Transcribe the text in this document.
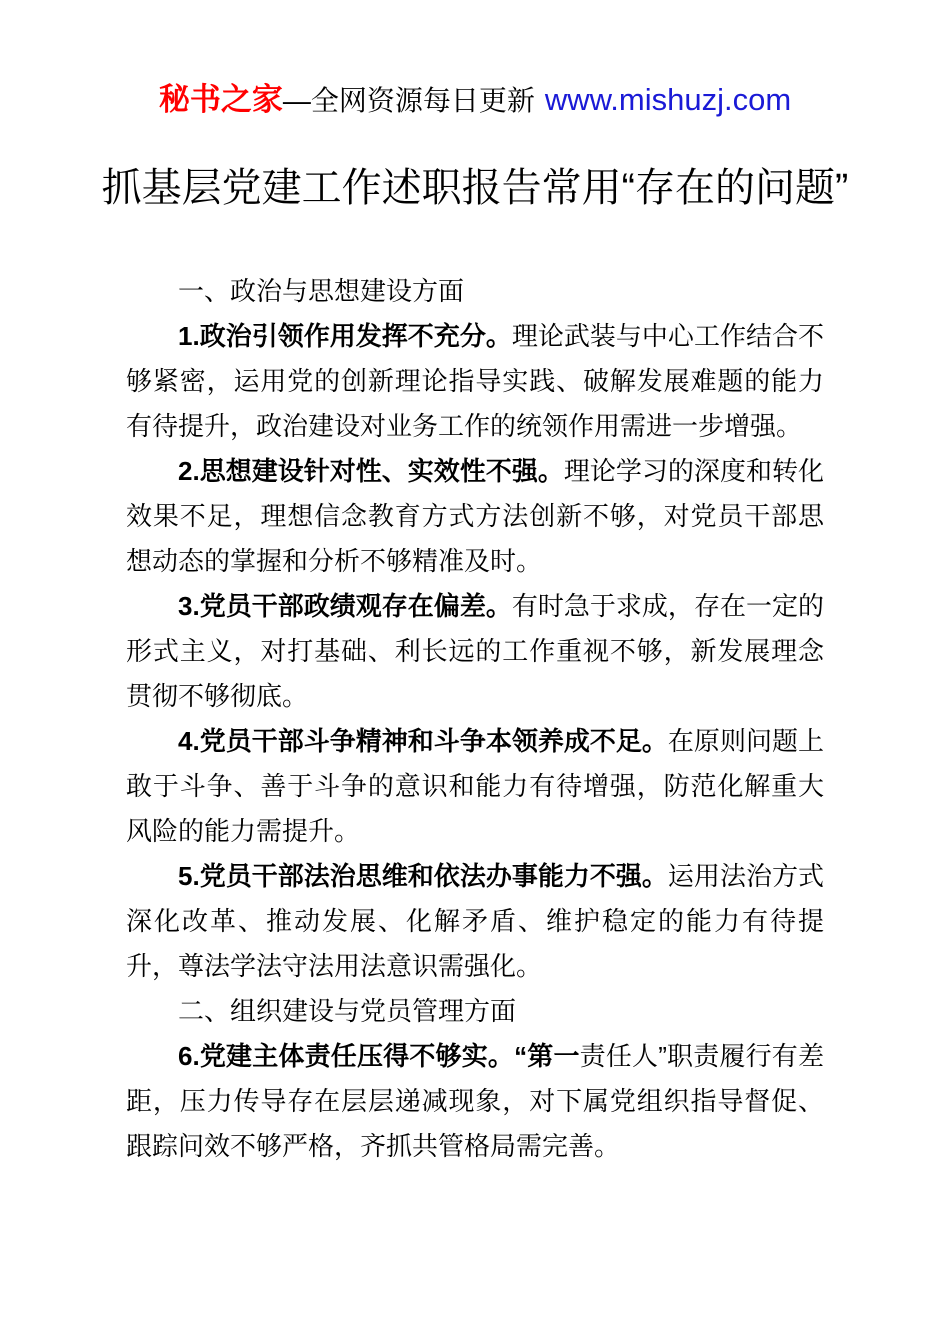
秘书之家—全网资源每日更新 www.mishuzj.com
抓基层党建工作述职报告常用“存在的问题”

一、政治与思想建设方面

1.政治引领作用发挥不充分。理论武装与中心工作结合不够紧密，运用党的创新理论指导实践、破解发展难题的能力有待提升，政治建设对业务工作的统领作用需进一步增强。

2.思想建设针对性、实效性不强。理论学习的深度和转化效果不足，理想信念教育方式方法创新不够，对党员干部思想动态的掌握和分析不够精准及时。

3.党员干部政绩观存在偏差。有时急于求成，存在一定的形式主义，对打基础、利长远的工作重视不够，新发展理念贯彻不够彻底。

4.党员干部斗争精神和斗争本领养成不足。在原则问题上敢于斗争、善于斗争的意识和能力有待增强，防范化解重大风险的能力需提升。

5.党员干部法治思维和依法办事能力不强。运用法治方式深化改革、推动发展、化解矛盾、维护稳定的能力有待提升，尊法学法守法用法意识需强化。

二、组织建设与党员管理方面

6.党建主体责任压得不够实。“第一责任人”职责履行有差距，压力传导存在层层递减现象，对下属党组织指导督促、跟踪问效不够严格，齐抓共管格局需完善。
